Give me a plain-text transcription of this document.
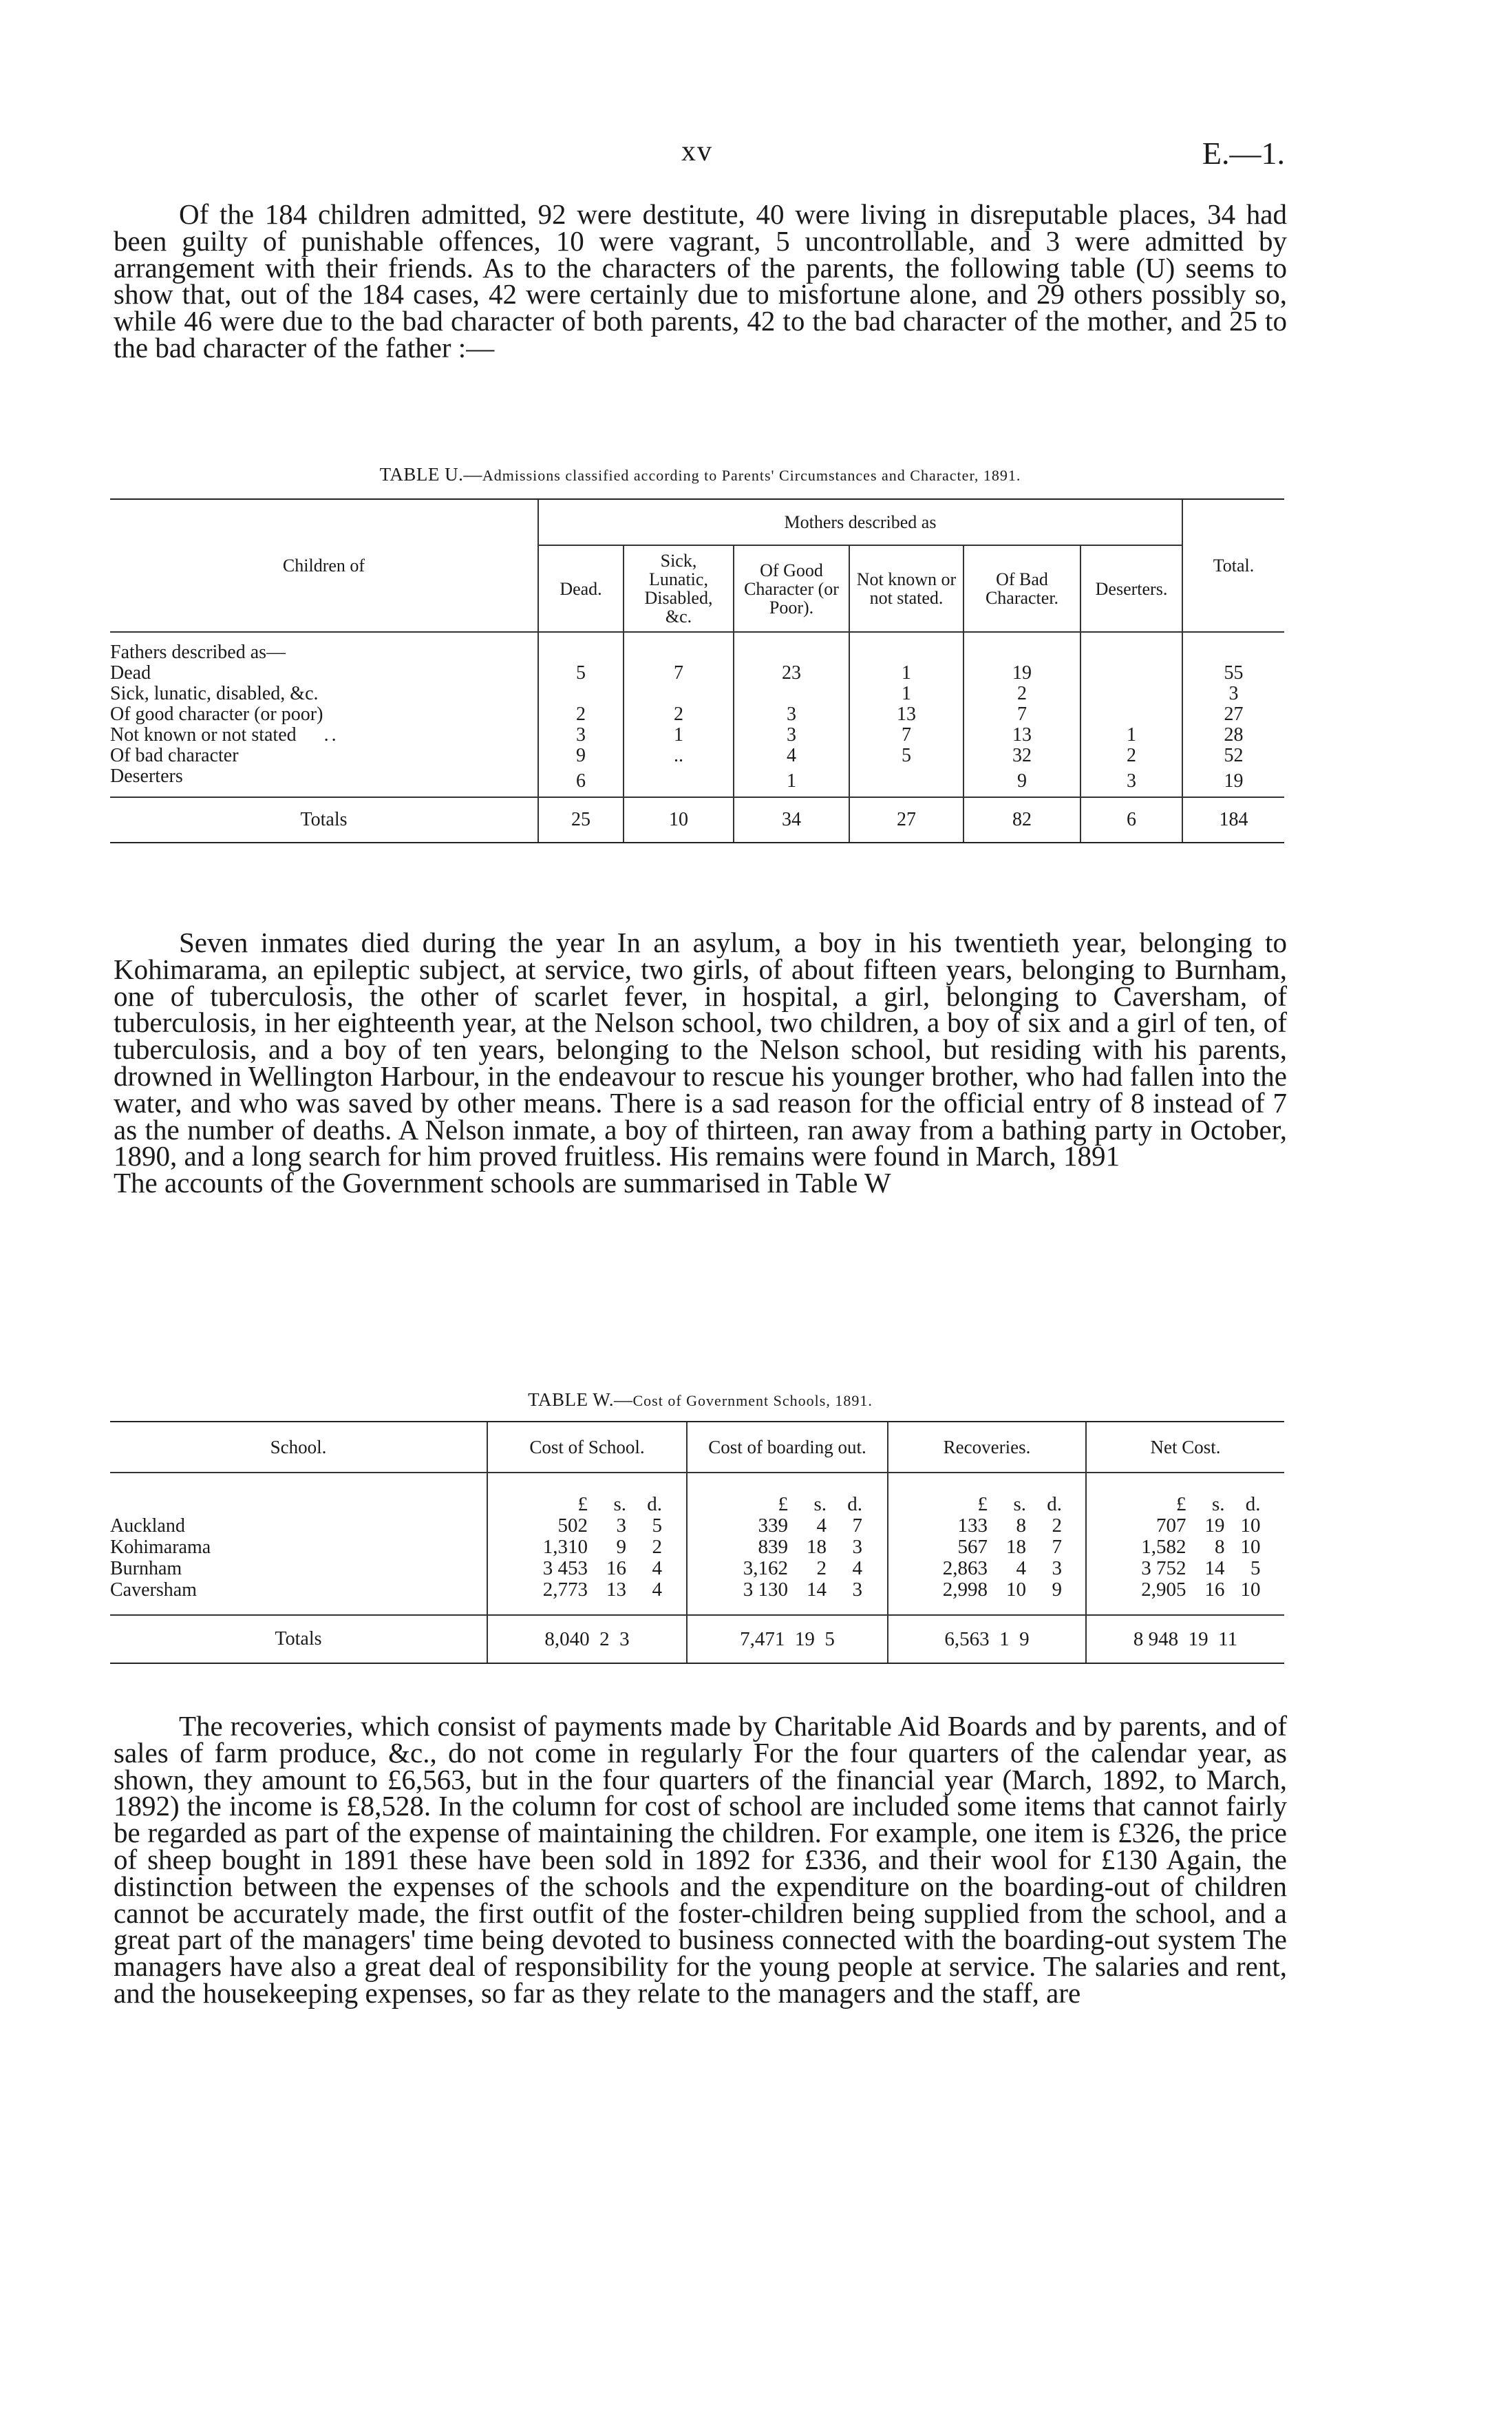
xv	E.—1.

Of the 184 children admitted, 92 were destitute, 40 were living in disreputable places, 34 had been guilty of punishable offences, 10 were vagrant, 5 uncontrollable, and 3 were admitted by arrangement with their friends. As to the characters of the parents, the following table (U) seems to show that, out of the 184 cases, 42 were certainly due to misfortune alone, and 29 others possibly so, while 46 were due to the bad character of both parents, 42 to the bad character of the mother, and 25 to the bad character of the father :—

TABLE U.—Admissions classified according to Parents' Circumstances and Character, 1891.

Children of	Mothers described as						Total.
	Dead.	Sick, Lunatic, Disabled, &c.	Of Good Character (or Poor).	Not known or not stated.	Of Bad Character.	Deserters.	
Fathers described as—							
Dead	5	7	23	1	19		55
Sick, lunatic, disabled, &c.				1	2		3
Of good character (or poor)	2	2	3	13	7		27
Not known or not stated ..	3	1	3	7	13	1	28
Of bad character	9	..	4	5	32	2	52
Deserters	6		1		9	3	19
Totals	25	10	34	27	82	6	184

Seven inmates died during the year In an asylum, a boy in his twentieth year, belonging to Kohimarama, an epileptic subject, at service, two girls, of about fifteen years, belonging to Burnham, one of tuberculosis, the other of scarlet fever, in hospital, a girl, belonging to Caversham, of tuberculosis, in her eighteenth year, at the Nelson school, two children, a boy of six and a girl of ten, of tuberculosis, and a boy of ten years, belonging to the Nelson school, but residing with his parents, drowned in Wellington Harbour, in the endeavour to rescue his younger brother, who had fallen into the water, and who was saved by other means. There is a sad reason for the official entry of 8 instead of 7 as the number of deaths. A Nelson inmate, a boy of thirteen, ran away from a bathing party in October, 1890, and a long search for him proved fruitless. His remains were found in March, 1891
The accounts of the Government schools are summarised in Table W

TABLE W.—Cost of Government Schools, 1891.

School.	Cost of School.	Cost of boarding out.	Recoveries.	Net Cost.

	£ s. d.	£ s. d.	£ s. d.	£ s. d.

Auckland	502 3 5	339 4 7	133 8 2	707 19 10

Kohimarama	1,310 9 2	839 18 3	567 18 7	1,582 8 10

Burnham	3 453 16 4	3,162 2 4	2,863 4 3	3 752 14 5

Caversham	2,773 13 4	3 130 14 3	2,998 10 9	2,905 16 10

Totals	8,040  2  3	7,471  19  5	6,563  1  9	8 948  19  11

The recoveries, which consist of payments made by Charitable Aid Boards and by parents, and of sales of farm produce, &c., do not come in regularly For the four quarters of the calendar year, as shown, they amount to £6,563, but in the four quarters of the financial year (March, 1892, to March, 1892) the income is £8,528. In the column for cost of school are included some items that cannot fairly be regarded as part of the expense of maintaining the children. For example, one item is £326, the price of sheep bought in 1891 these have been sold in 1892 for £336, and their wool for £130 Again, the distinction between the expenses of the schools and the expenditure on the boarding-out of children cannot be accurately made, the first outfit of the foster-children being supplied from the school, and a great part of the managers' time being devoted to business connected with the boarding-out system The managers have also a great deal of responsibility for the young people at service. The salaries and rent, and the housekeeping expenses, so far as they relate to the managers and the staff, are
